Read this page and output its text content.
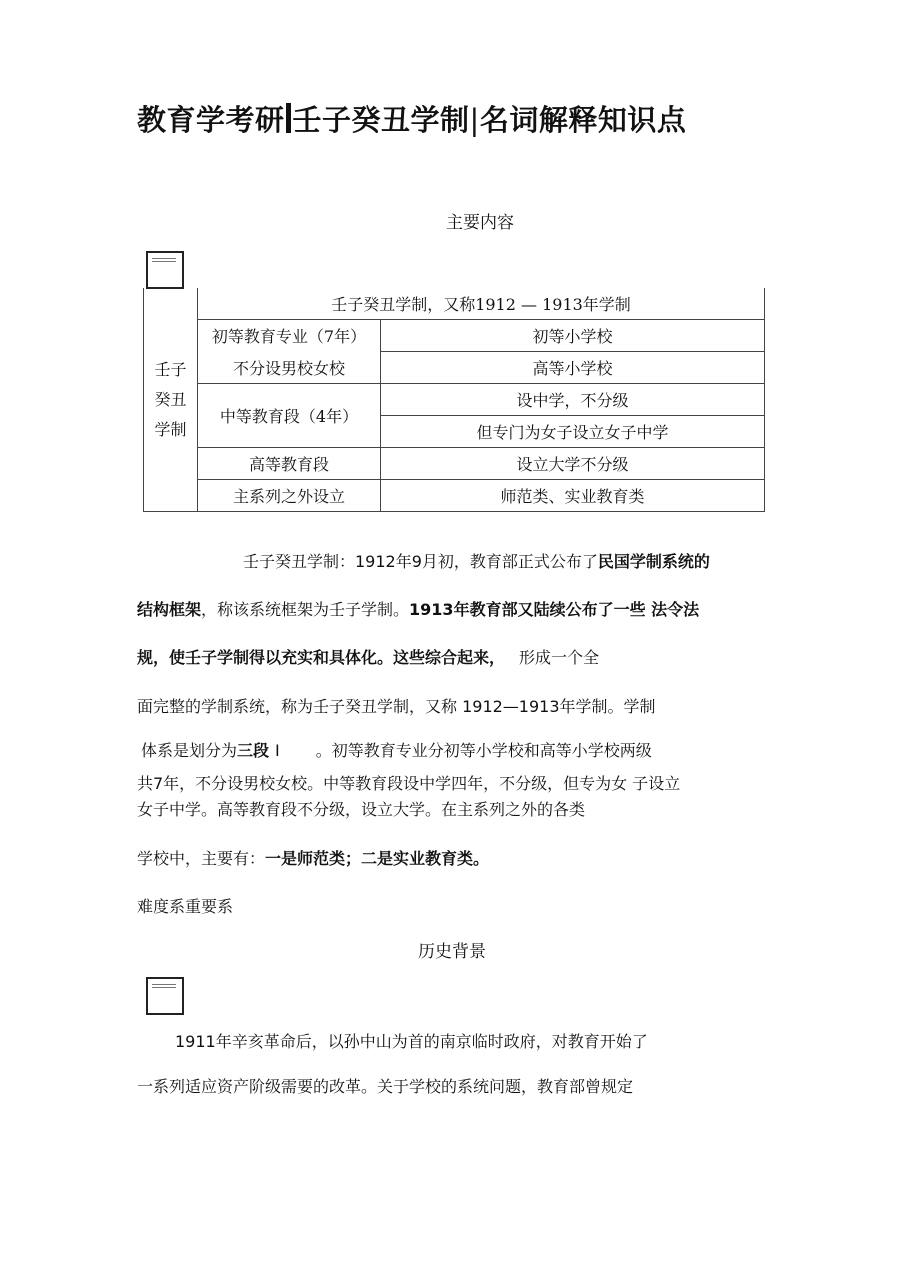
教育学考研 壬子癸丑学制|名词解释知识点
主要内容
壬子
癸丑
学制	壬子癸丑学制，又称1912 — 1913年学制	
	初等教育专业（7年）	初等小学校
	不分设男校女校	高等小学校
	中等教育段（4年）	设中学，不分级
		但专门为女子设立女子中学
	高等教育段	设立大学不分级
	主系列之外设立	师范类、实业教育类
壬子癸丑学制：1912年9月初，教育部正式公布了民国学制系统的
结构框架，称该系统框架为壬子学制。1913年教育部又陆续公布了一些 法令法
规，使壬子学制得以充实和具体化。这些综合起来， 形成一个全
面完整的学制系统，称为壬子癸丑学制，又称 1912—1913年学制。学制
体系是划分为三段 I 。初等教育专业分初等小学校和高等小学校两级
共7年，不分设男校女校。中等教育段设中学四年，不分级，但专为女 子设立
女子中学。高等教育段不分级，设立大学。在主系列之外的各类
学校中，主要有：一是师范类；二是实业教育类。
难度系重要系
历史背景
1911年辛亥革命后，以孙中山为首的南京临时政府，对教育开始了
一系列适应资产阶级需要的改革。关于学校的系统问题，教育部曾规定
